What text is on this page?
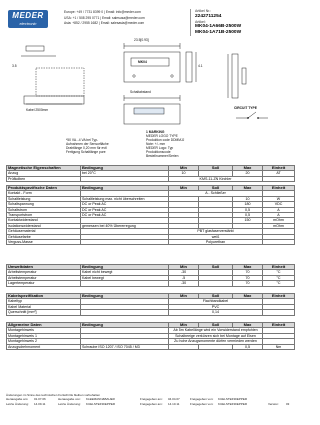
MEDER
electronic
Europe: +49 / 7731 8399 0 | Email: info@meder.com
USA: +1 / 508 295 0771 | Email: salesusa@meder.com
Asia: +852 / 2955 1682 | Email: salesasia@meder.com
Artikel Nr.:
2242711254
Artikel:
MK04-1A66B-2500W
MK04-1A71B-2500W
23.5[0.93]
4.1
3.5
Schaltabstand
MK04
*50 VA...4 VA bei Typ-
Aufnahmen der Sensorfläche
Drahtlänge 0,20 mm für evtl
Fertigung Schaltlänge pure
1 MARKING
MEDER LOGO TYPE
Produktion code DDMMJJ
Note: +/- mm
MEDER Logo: Typ
Produktionscode
Bestellnummer/Serien
CIRCUIT TYPE
Kabel 2500mm
Magnetische Eigenschaften	Bedingung	Min	Soll	Max	Einheit
Anzug	bei 20°C	10		20	AT
Prüfkolben		KMS-11-ZN Kirchler			
Produktspezifische Daten	Bedingung	Min	Soll	Max	Einheit
Kontakt - Form		A - Schließer			
Schaltleistung	Schaltleistung max. nicht überschreiten			10	W
Schaltspannung	DC or Peak AC			180	VDC
Schaltstrom	DC or Peak AC			0,5	A
Transportstrom	DC or Peak AC			0,5	A
Kontaktwiderstand				150	mOhm
Isolationswiderstand	gemessen bei 40% Übererregung				mOhm
Gehäusematerial		PBT glasfaserverstärkt			
Gehäusefarbe		weiß			
Verguss-Masse		Polyurethan			
Umweltdaten	Bedingung	Min	Soll	Max	Einheit
Arbeitstemperatur	Kabel nicht bewegt	-30		70	°C
Arbeitstemperatur	Kabel bewegt	-5		70	°C
Lagertemperatur		-30		70	°C
Kabelspezifikation	Bedingung	Min	Soll	Max	Einheit
Kabeltyp		Flachbandkabel			
Kabel Material		PVC			
Querschnitt [mm²]		0,14			
Allgemeine Daten	Bedingung	Min	Soll	Max	Einheit
Montagehinweis		Ab 5m Kabellänge wird ein Vorwiderstand empfohlen			
Montagehinweis 1		Schalbeeige verkürzen sich bei Montage auf Eisen			
Montagehinweis 2		Zu hohe Anzugsmomente dürfen vermieden werden			
Anzugsdrehmoment	Schraube ISO 1207 / ISO 7045 / M3			0,5	Nm
Änderungen im Sinne des technischen Fortschritts bleiben vorbehalten
Herausgabe am: 01.07.06	Herausgabe von: KLEEMANN&BAUER	Freigegeben am: 04.04.07	Freigegeben von: KUELSTEINDEPPER
Letzte Änderung: 14.09.11	Letzte Änderung: KUELSTEINDEPPER	Freigegeben am: 14.10.11	Freigegeben von: KUELSTEINDEPPER	Version: 03
